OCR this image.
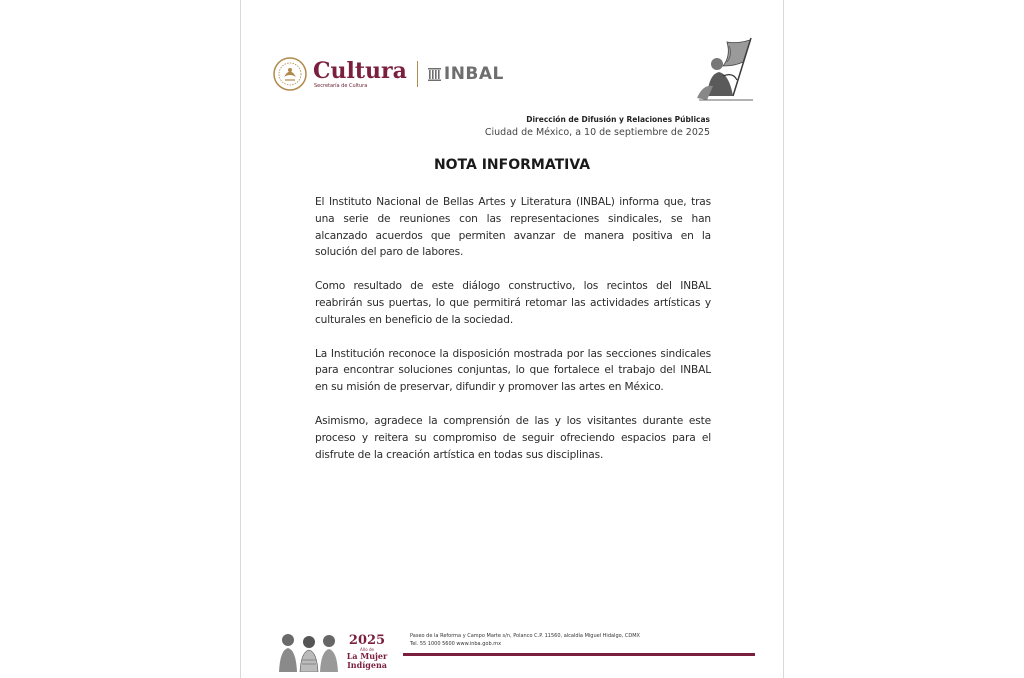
Cultura
Secretaría de Cultura
INBAL
Dirección de Difusión y Relaciones Públicas
Ciudad de México, a 10 de septiembre de 2025
NOTA INFORMATIVA

El Instituto Nacional de Bellas Artes y Literatura (INBAL) informa que, tras una serie de reuniones con las representaciones sindicales, se han alcanzado acuerdos que permiten avanzar de manera positiva en la solución del paro de labores.

Como resultado de este diálogo constructivo, los recintos del INBAL reabrirán sus puertas, lo que permitirá retomar las actividades artísticas y culturales en beneficio de la sociedad.

La Institución reconoce la disposición mostrada por las secciones sindicales para encontrar soluciones conjuntas, lo que fortalece el trabajo del INBAL en su misión de preservar, difundir y promover las artes en México.

Asimismo, agradece la comprensión de las y los visitantes durante este proceso y reitera su compromiso de seguir ofreciendo espacios para el disfrute de la creación artística en todas sus disciplinas.

2025
Año de
La Mujer
Indígena
Paseo de la Reforma y Campo Marte s/n, Polanco C.P. 11560, alcaldía Miguel Hidalgo, CDMX
Tel. 55 1000 5600 www.inba.gob.mx
